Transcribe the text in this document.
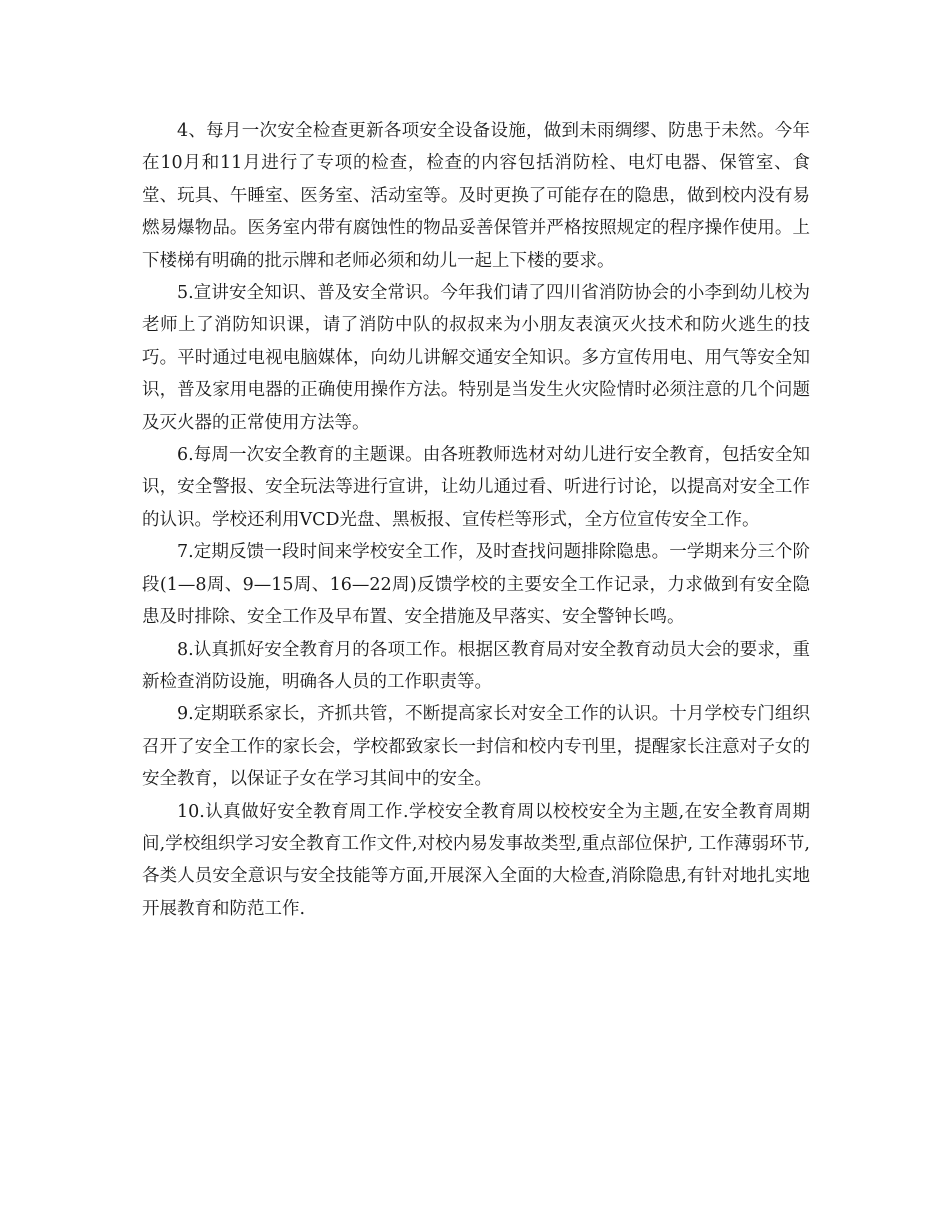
4、每月一次安全检查更新各项安全设备设施，做到未雨绸缪、防患于未然。今年在10月和11月进行了专项的检查，检查的内容包括消防栓、电灯电器、保管室、食堂、玩具、午睡室、医务室、活动室等。及时更换了可能存在的隐患，做到校内没有易燃易爆物品。医务室内带有腐蚀性的物品妥善保管并严格按照规定的程序操作使用。上下楼梯有明确的批示牌和老师必须和幼儿一起上下楼的要求。

5.宣讲安全知识、普及安全常识。今年我们请了四川省消防协会的小李到幼儿校为老师上了消防知识课，请了消防中队的叔叔来为小朋友表演灭火技术和防火逃生的技巧。平时通过电视电脑媒体，向幼儿讲解交通安全知识。多方宣传用电、用气等安全知识，普及家用电器的正确使用操作方法。特别是当发生火灾险情时必须注意的几个问题及灭火器的正常使用方法等。

6.每周一次安全教育的主题课。由各班教师选材对幼儿进行安全教育，包括安全知识，安全警报、安全玩法等进行宣讲，让幼儿通过看、听进行讨论，以提高对安全工作的认识。学校还利用VCD光盘、黑板报、宣传栏等形式，全方位宣传安全工作。

7.定期反馈一段时间来学校安全工作，及时查找问题排除隐患。一学期来分三个阶段(1—8周、9—15周、16—22周)反馈学校的主要安全工作记录，力求做到有安全隐患及时排除、安全工作及早布置、安全措施及早落实、安全警钟长鸣。

8.认真抓好安全教育月的各项工作。根据区教育局对安全教育动员大会的要求，重新检查消防设施，明确各人员的工作职责等。

9.定期联系家长，齐抓共管，不断提高家长对安全工作的认识。十月学校专门组织召开了安全工作的家长会，学校都致家长一封信和校内专刊里，提醒家长注意对子女的安全教育，以保证子女在学习其间中的安全。

10.认真做好安全教育周工作.学校安全教育周以校校安全为主题,在安全教育周期间,学校组织学习安全教育工作文件,对校内易发事故类型,重点部位保护, 工作薄弱环节,各类人员安全意识与安全技能等方面,开展深入全面的大检查,消除隐患,有针对地扎实地开展教育和防范工作.
